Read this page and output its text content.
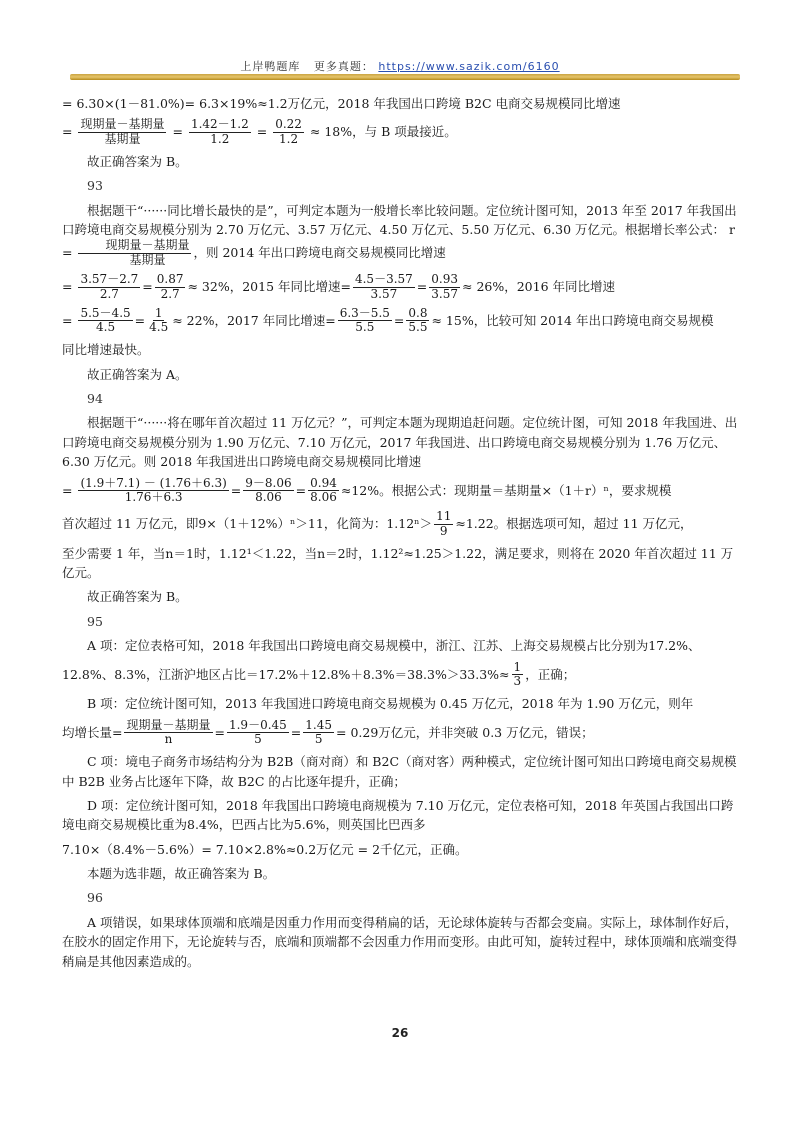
上岸鸭题库 更多真题： https://www.sazik.com/6160

= 6.30×(1－81.0%)= 6.3×19%≈1.2万亿元，2018 年我国出口跨境 B2C 电商交易规模同比增速

= 现期量－基期量
基期量	= $\frac{1.42-1.2}{1.2} = \frac{0.22}{1.2} \approx 18\%$，与 B 项最接近。

故正确答案为 B。

93

根据题干“······同比增长最快的是”，可判定本题为一般增长率比较问题。定位统计图可知，2013 年至 2017 年我国出口跨境电商交易规模分别为 2.70 万亿元、3.57 万亿元、4.50 万亿元、5.50 万亿元、6.30 万亿元。根据增长率公式： r =	现期量－基期量
基期量 ，则 2014 年出口跨境电商交易规模同比增速

= $\frac{3.57-2.7}{2.7} = \frac{0.87}{2.7} \approx 32\%$，2015 年同比增速= $\frac{4.5-3.57}{3.57} = \frac{0.93}{3.57} \approx 26\%$，2016 年同比增速
= $\frac{5.5-4.5}{4.5} = \frac{1}{4.5} \approx 22\%$，2017 年同比增速= $\frac{6.3-5.5}{5.5} = \frac{0.8}{5.5} \approx 15\%$，比较可知 2014 年出口跨境电商交易规模

同比增速最快。

故正确答案为 A。

94

根据题干“······将在哪年首次超过 11 万亿元？”，可判定本题为现期追赶问题。定位统计图，可知 2018 年我国进、出口跨境电商交易规模分别为 1.90 万亿元、7.10 万亿元，2017 年我国进、出口跨境电商交易规模分别为 1.76 万亿元、6.30 万亿元。则 2018 年我国进出口跨境电商交易规模同比增速

= $\frac{(1.9+7.1) - (1.76+6.3)}{1.76+6.3} = \frac{9-8.06}{8.06} = \frac{0.94}{8.06} \approx 12\%$。根据公式：现期量＝基期量×（1＋r）ⁿ，要求规模
首次超过 11 万亿元，即9×（1＋12%）ⁿ＞11，化简为：$1.12^n> \frac{11}{9} \approx 1.22$。根据选项可知，超过 11 万亿元，

至少需要 1 年，当n＝1时，1.12¹＜1.22，当n＝2时，1.12²≈1.25＞1.22，满足要求，则将在 2020 年首次超过 11 万亿元。

故正确答案为 B。

95

A 项：定位表格可知，2018 年我国出口跨境电商交易规模中，浙江、江苏、上海交易规模占比分别为17.2%、

12.8%、8.3%，江浙沪地区占比$=17.2\%+12.8\%+8.3\%=38.3\%>33.3\%\approx \frac{1}{3}$ ，正确；

B 项：定位统计图可知，2013 年我国进口跨境电商交易规模为 0.45 万亿元，2018 年为 1.90 万亿元，则年

均增长量= 现期量－基期量
n	= $\frac{1.9-0.45}{5} = \frac{1.45}{5} = 0.29$万亿元，并非突破 0.3 万亿元，错误；

C 项：境电子商务市场结构分为 B2B（商对商）和 B2C（商对客）两种模式，定位统计图可知出口跨境电商交易规模中 B2B 业务占比逐年下降，故 B2C 的占比逐年提升，正确；

D 项：定位统计图可知，2018 年我国出口跨境电商规模为 7.10 万亿元，定位表格可知，2018 年英国占我国出口跨境电商交易规模比重为8.4%，巴西占比为5.6%，则英国比巴西多

7.10×（8.4%－5.6%）= 7.10×2.8%≈0.2万亿元 = 2千亿元，正确。

本题为选非题，故正确答案为 B。

96

A 项错误，如果球体顶端和底端是因重力作用而变得稍扁的话，无论球体旋转与否都会变扁。实际上，球体制作好后，在胶水的固定作用下，无论旋转与否，底端和顶端都不会因重力作用而变形。由此可知，旋转过程中，球体顶端和底端变得稍扁是其他因素造成的。

26
